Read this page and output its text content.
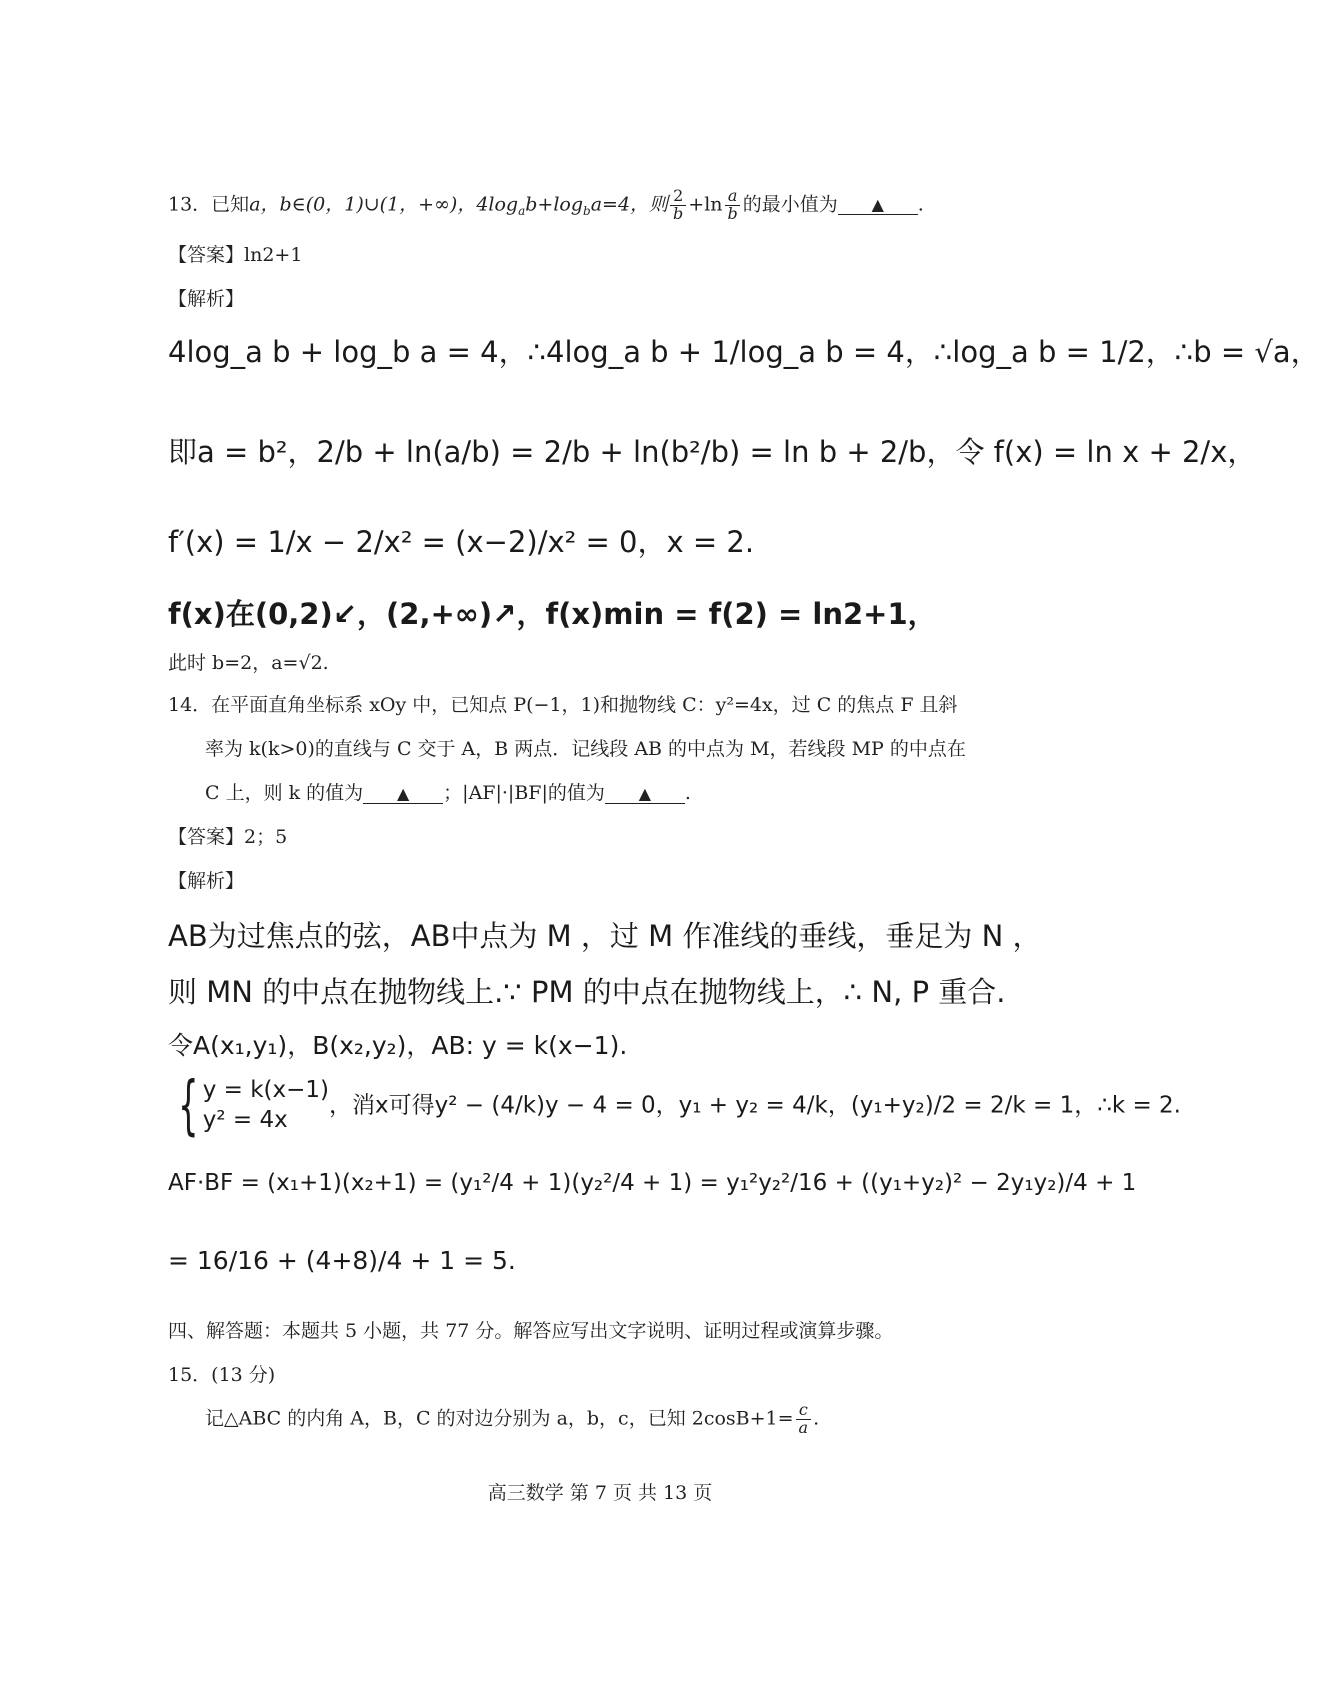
13．已知a，b∈(0，1)∪(1，+∞)，$4\log_ab+\log_ba=4$，则 $\frac{2}{b} +\ln \frac{a}{b}$ 的最小值为 ▲ .
【答案】ln2+1
【解析】
4log_a b + log_b a = 4，∴4log_a b + 1/log_a b = 4，∴log_a b = 1/2，∴b = √a，
即a = b²，2/b + ln(a/b) = 2/b + ln(b²/b) = ln b + 2/b，令 f(x) = ln x + 2/x，
f′(x) = 1/x − 2/x² = (x−2)/x² = 0，x = 2.
f(x)在(0,2)↙，(2,+∞)↗，f(x)min = f(2) = ln2+1，
此时 b=2，a=√2.
14．在平面直角坐标系 xOy 中，已知点 P(−1，1)和抛物线 C：y²=4x，过 C 的焦点 F 且斜
率为 k(k>0)的直线与 C 交于 A，B 两点．记线段 AB 的中点为 M，若线段 MP 的中点在
C 上，则 k 的值为 ▲ ；|AF|·|BF|的值为 ▲ .
【答案】2；5
【解析】
AB为过焦点的弦，AB中点为 M ，过 M 作准线的垂线，垂足为 N ，
则 MN 的中点在抛物线上.∵ PM 的中点在抛物线上，∴ N, P 重合.
令A(x₁,y₁)，B(x₂,y₂)，AB: y = k(x−1).
{ y = k(x−1)
y² = 4x
，消x可得y² − (4/k)y − 4 = 0，y₁ + y₂ = 4/k，(y₁+y₂)/2 = 2/k = 1，∴k = 2.
AF·BF = (x₁+1)(x₂+1) = (y₁²/4 + 1)(y₂²/4 + 1) = y₁²y₂²/16 + ((y₁+y₂)² − 2y₁y₂)/4 + 1
= 16/16 + (4+8)/4 + 1 = 5.
四、解答题：本题共 5 小题，共 77 分。解答应写出文字说明、证明过程或演算步骤。
15．(13 分)
记△ABC 的内角 A，B，C 的对边分别为 a，b，c，已知 $2\cos B+1= \frac{c}{a}$ .
高三数学 第 7 页 共 13 页
